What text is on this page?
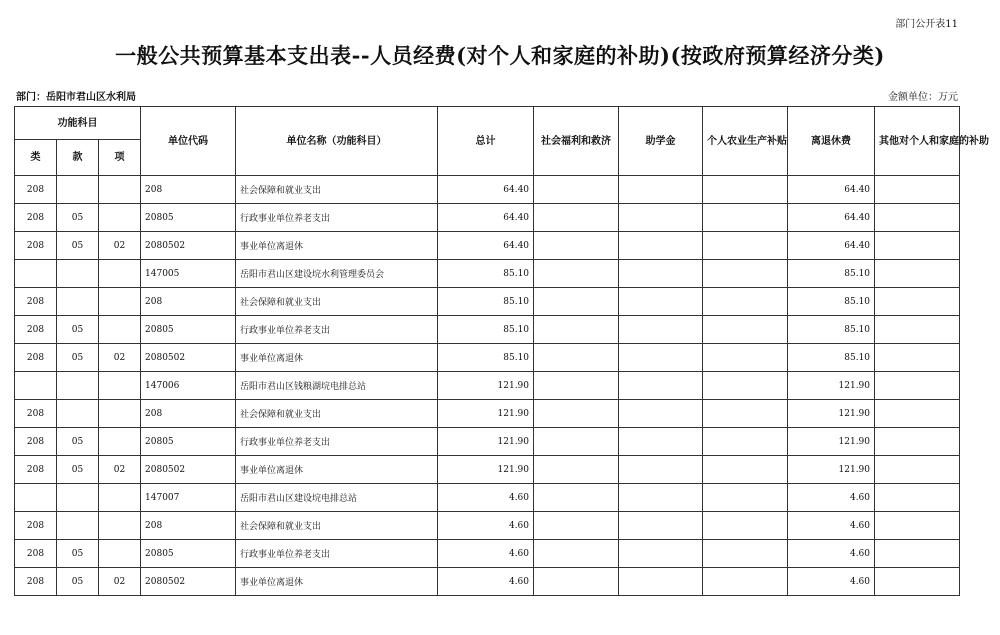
部门公开表11
一般公共预算基本支出表--人员经费(对个人和家庭的补助)(按政府预算经济分类)
部门：岳阳市君山区水利局	金额单位：万元
功能科目			单位代码	单位名称（功能科目）	总计	社会福利和救济	助学金	个人农业生产补贴	离退休费	其他对个人和家庭的补助
类	款	项								
208			208	社会保障和就业支出	64.40				64.40	
208	05		20805	行政事业单位养老支出	64.40				64.40	
208	05	02	2080502	事业单位离退休	64.40				64.40	
			147005	岳阳市君山区建设垸水利管理委员会	85.10				85.10	
208			208	社会保障和就业支出	85.10				85.10	
208	05		20805	行政事业单位养老支出	85.10				85.10	
208	05	02	2080502	事业单位离退休	85.10				85.10	
			147006	岳阳市君山区钱粮湖垸电排总站	121.90				121.90	
208			208	社会保障和就业支出	121.90				121.90	
208	05		20805	行政事业单位养老支出	121.90				121.90	
208	05	02	2080502	事业单位离退休	121.90				121.90	
			147007	岳阳市君山区建设垸电排总站	4.60				4.60	
208			208	社会保障和就业支出	4.60				4.60	
208	05		20805	行政事业单位养老支出	4.60				4.60	
208	05	02	2080502	事业单位离退休	4.60				4.60	
